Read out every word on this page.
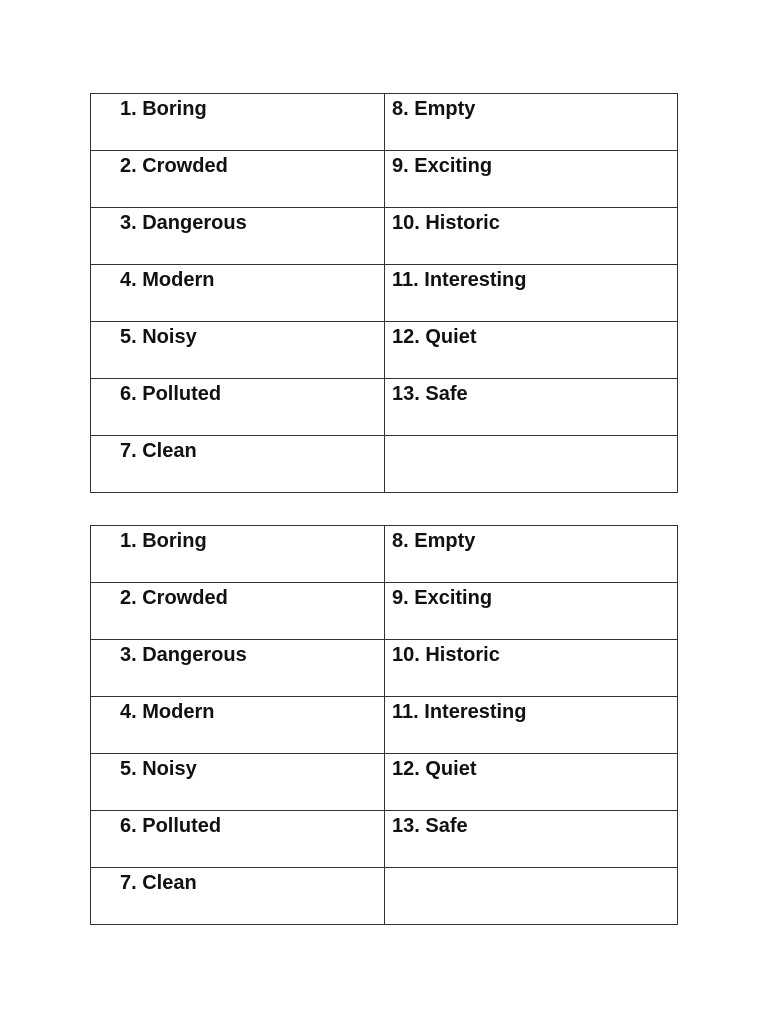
1. Boring	8. Empty

2. Crowded	9. Exciting

3. Dangerous	10. Historic

4. Modern	11. Interesting

5. Noisy	12. Quiet

6. Polluted	13. Safe

7. Clean	

1. Boring	8. Empty

2. Crowded	9. Exciting

3. Dangerous	10. Historic

4. Modern	11. Interesting

5. Noisy	12. Quiet

6. Polluted	13. Safe

7. Clean	
